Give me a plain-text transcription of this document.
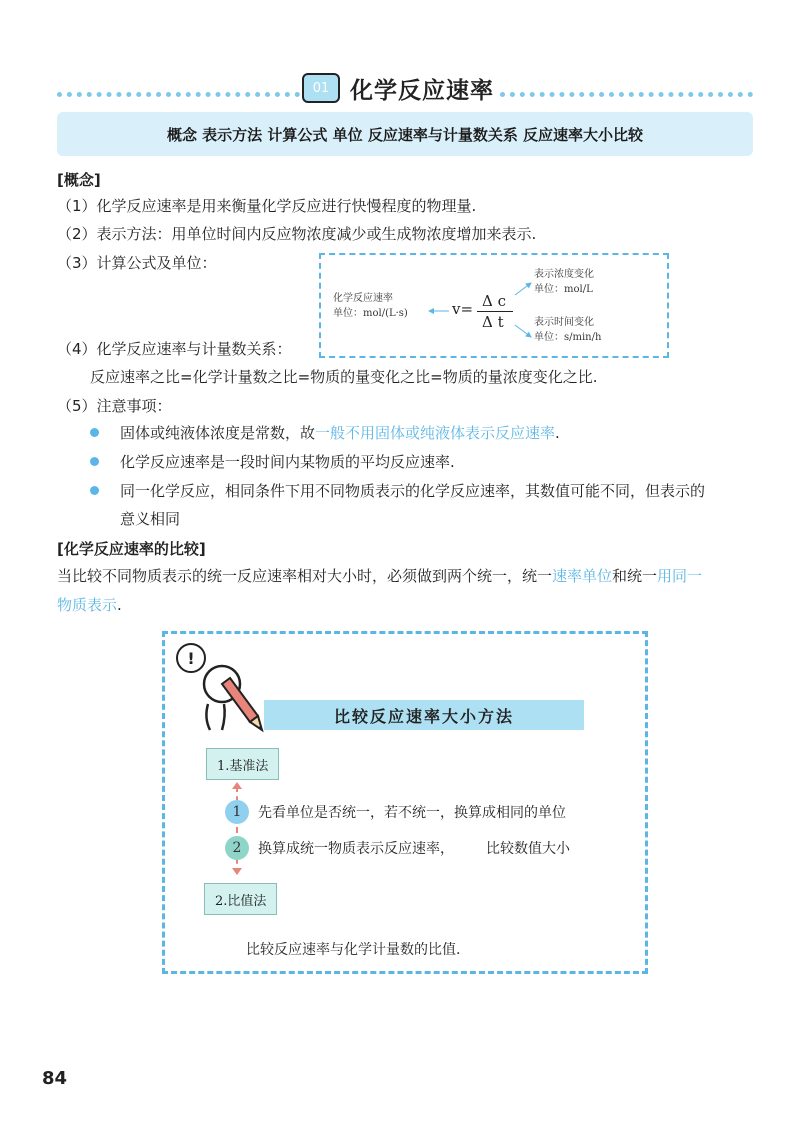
01 化学反应速率
概念 表示方法 计算公式 单位 反应速率与计量数关系 反应速率大小比较
[概念]
（1）化学反应速率是用来衡量化学反应进行快慢程度的物理量.
（2）表示方法：用单位时间内反应物浓度减少或生成物浓度增加来表示.
（3）计算公式及单位：
化学反应速率
单位：mol/(L·s)	v= Δ c
Δ t
表示浓度变化
单位：mol/L
表示时间变化
单位：s/min/h
（4）化学反应速率与计量数关系：
反应速率之比=化学计量数之比=物质的量变化之比=物质的量浓度变化之比.
（5）注意事项：
固体或纯液体浓度是常数，故一般不用固体或纯液体表示反应速率.
化学反应速率是一段时间内某物质的平均反应速率.
同一化学反应，相同条件下用不同物质表示的化学反应速率，其数值可能不同，但表示的
意义相同
[化学反应速率的比较]
当比较不同物质表示的统一反应速率相对大小时，必须做到两个统一，统一速率单位和统一用同一
物质表示.
!
比较反应速率大小方法
1.基准法
1	先看单位是否统一，若不统一，换算成相同的单位
2	换算成统一物质表示反应速率， 比较数值大小
2.比值法
比较反应速率与化学计量数的比值.
84
